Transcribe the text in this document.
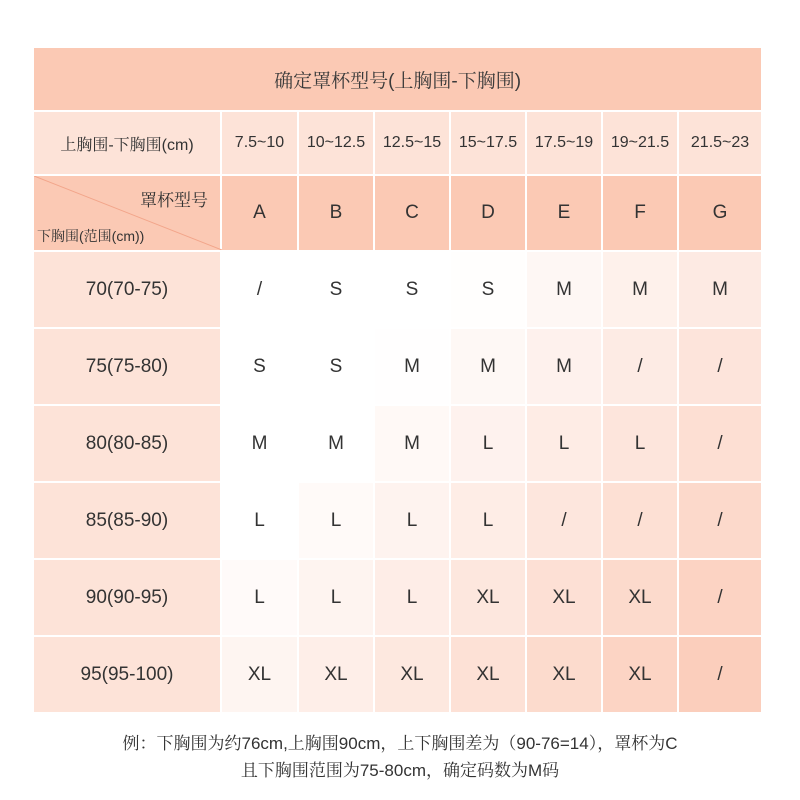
确定罩杯型号(上胸围-下胸围)							
上胸围-下胸围(cm)	7.5~10	10~12.5	12.5~15	15~17.5	17.5~19	19~21.5	21.5~23

罩杯型号
下胸围(范围(cm))	A	B	C	D	E	F	G
70(70-75)	/	S	S	S	M	M	M
75(75-80)	S	S	M	M	M	/	/
80(80-85)	M	M	M	L	L	L	/
85(85-90)	L	L	L	L	/	/	/
90(90-95)	L	L	L	XL	XL	XL	/
95(95-100)	XL	XL	XL	XL	XL	XL	/
例：下胸围为约76cm,上胸围90cm，上下胸围差为（90-76=14），罩杯为C
且下胸围范围为75-80cm，确定码数为M码
